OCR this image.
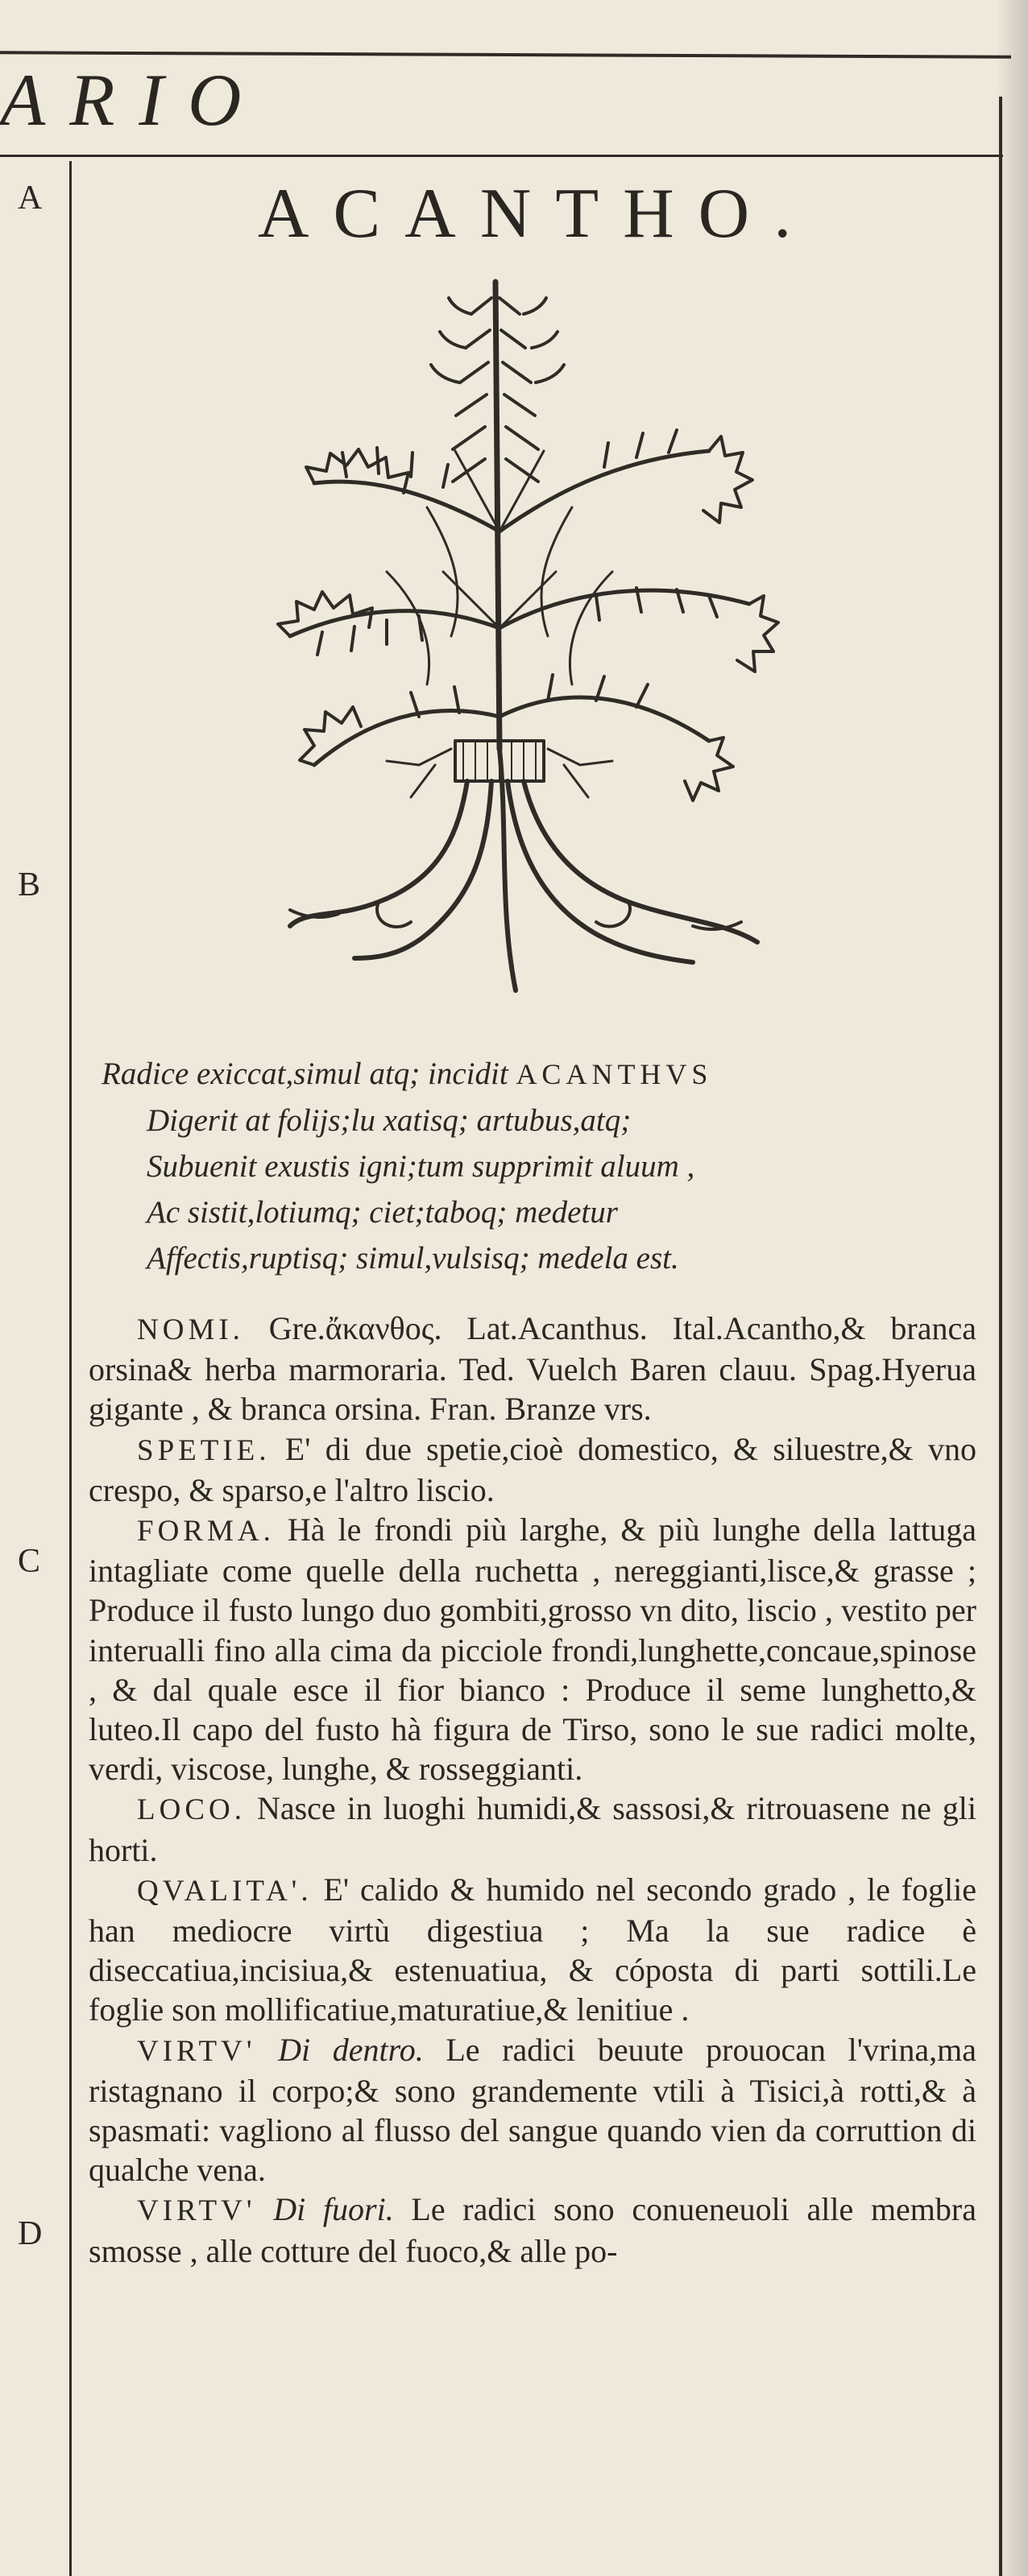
ARIO
A
B
C
D
ACANTHO.
Radice exiccat,simul atq; incidit ACANTHVS
Digerit at folijs;lu xatisq; artubus,atq;
Subuenit exustis igni;tum supprimit aluum ,
Ac sistit,lotiumq; ciet;taboq; medetur
Affectis,ruptisq; simul,vulsisq; medela est.

NOMI. Gre.ἄκανθος. Lat.Acanthus. Ital.Acantho,& branca orsina& herba marmoraria. Ted. Vuelch Baren clauu. Spag.Hyerua gigante , & branca orsina. Fran. Branze vrs.

SPETIE. E' di due spetie,cioè domestico, & siluestre,& vno crespo, & sparso,e l'altro liscio.

FORMA. Hà le frondi più larghe, & più lunghe della lattuga intagliate come quelle della ruchetta , nereggianti,lisce,& grasse ; Produce il fusto lungo duo gombiti,grosso vn dito, liscio , vestito per interualli fino alla cima da picciole frondi,lunghette,concaue,spinose , & dal quale esce il fior bianco : Produce il seme lunghetto,& luteo.Il capo del fusto hà figura de Tirso, sono le sue radici molte, verdi, viscose, lunghe, & rosseggianti.

LOCO. Nasce in luoghi humidi,& sassosi,& ritrouasene ne gli horti.

QVALITA'. E' calido & humido nel secondo grado , le foglie han mediocre virtù digestiua ; Ma la sue radice è diseccatiua,incisiua,& estenuatiua, & cóposta di parti sottili.Le foglie son mollificatiue,maturatiue,& lenitiue .

VIRTV' Di dentro. Le radici beuute prouocan l'vrina,ma ristagnano il corpo;& sono grandemente vtili à Tisici,à rotti,& à spasmati: vagliono al flusso del sangue quando vien da corruttion di qualche vena.

VIRTV' Di fuori. Le radici sono conueneuoli alle membra smosse , alle cotture del fuoco,& alle po-
